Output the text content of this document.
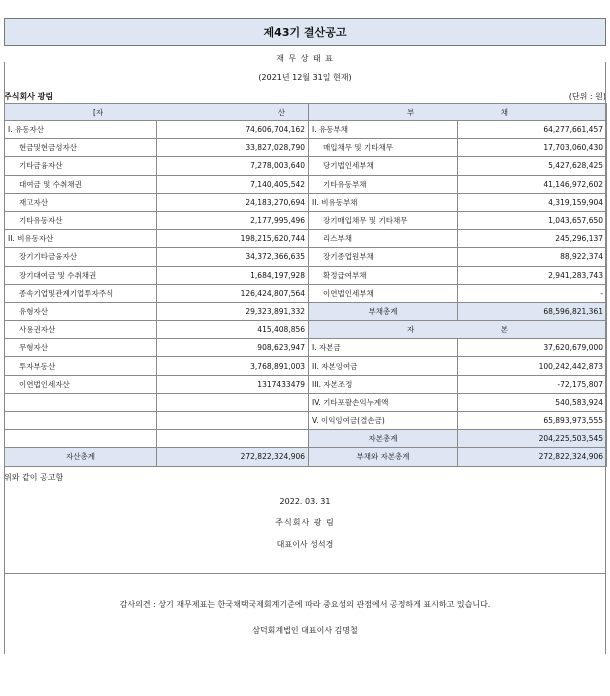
제43기 결산공고
재 무 상 태 표
(2021년 12월 31일 현재)
주식회사 광림	(단위 : 원)
[자 산		부 채	

I. 유동자산	74,606,704,162	I. 유동부채	64,277,661,457
현금및현금성자산	33,827,028,790	매입채무 및 기타채무	17,703,060,430
기타금융자산	7,278,003,640	당기법인세부채	5,427,628,425
대여금 및 수취채권	7,140,405,542	기타유동부채	41,146,972,602
재고자산	24,183,270,694	II. 비유동부채	4,319,159,904
기타유동자산	2,177,995,496	장기매입채무 및 기타채무	1,043,657,650
II. 비유동자산	198,215,620,744	리스부채	245,296,137
장기기타금융자산	34,372,366,635	장기종업원부채	88,922,374
장기대여금 및 수취채권	1,684,197,928	확정급여부채	2,941,283,743
종속기업및관계기업투자주식	126,424,807,564	이연법인세부채	-
유형자산	29,323,891,332	부채총계	68,596,821,361
사용권자산	415,408,856	자 본	

무형자산	908,623,947	I. 자본금	37,620,679,000
투자부동산	3,768,891,003	II. 자본잉여금	100,242,442,873
이연법인세자산	1317433479	III. 자본조정	-72,175,807
		IV. 기타포괄손익누계액	540,583,924
		V. 이익잉여금(결손금)	65,893,973,555
		자본총계	204,225,503,545
자산총계	272,822,324,906	부채와 자본총계	272,822,324,906
위와 같이 공고함
2022. 03. 31
주식회사 광 림
대표이사 성석경
감사의견 : 상기 재무제표는 한국채택국제회계기준에 따라 중요성의 관점에서 공정하게 표시하고 있습니다.
삼덕회계법인 대표이사 김명철
